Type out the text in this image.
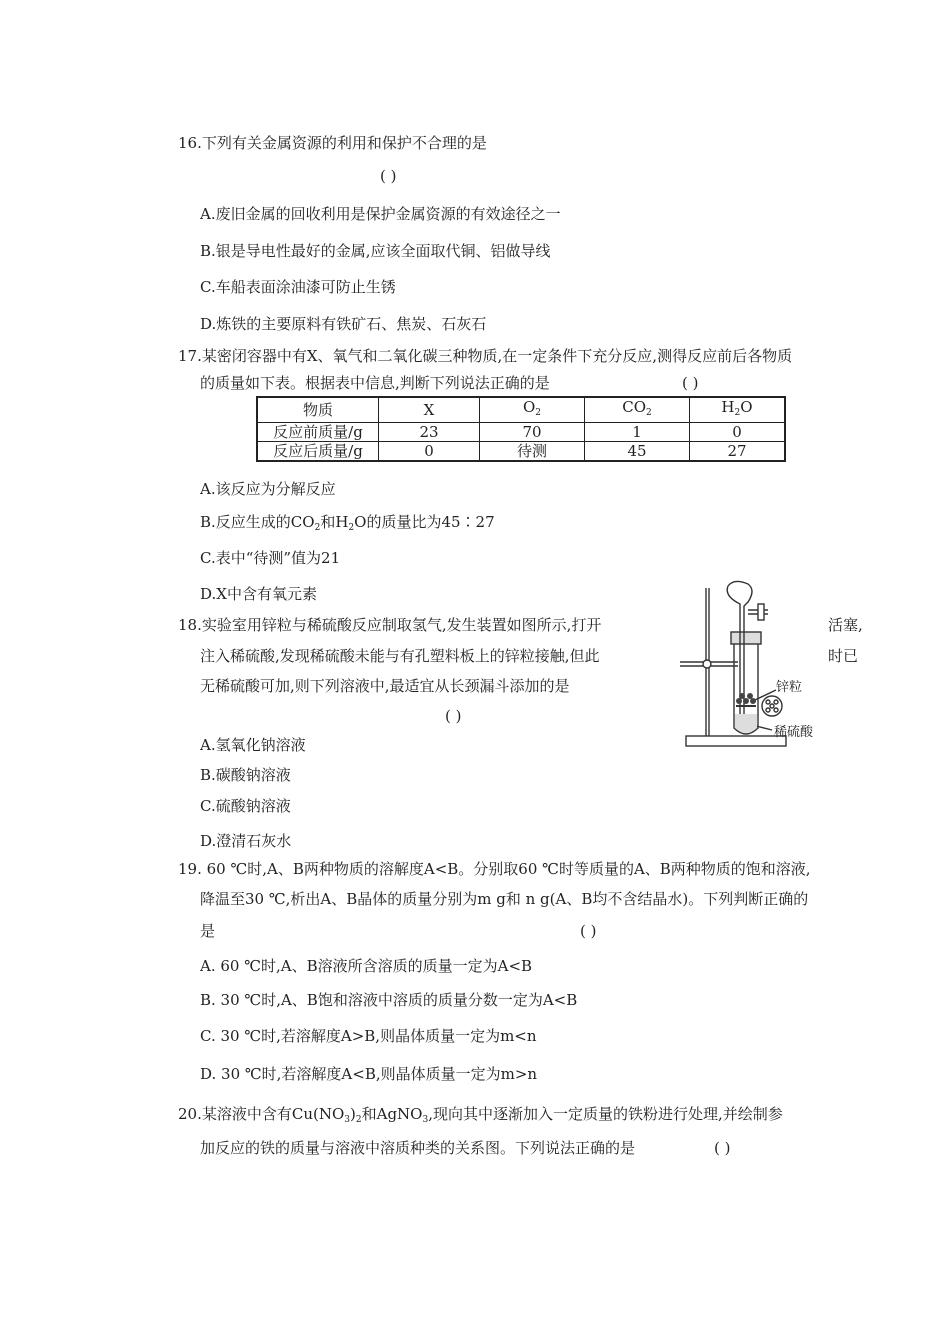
16.下列有关金属资源的利用和保护不合理的是
( )
A.废旧金属的回收利用是保护金属资源的有效途径之一
B.银是导电性最好的金属,应该全面取代铜、铝做导线
C.车船表面涂油漆可防止生锈
D.炼铁的主要原料有铁矿石、焦炭、石灰石
17.某密闭容器中有X、氧气和二氧化碳三种物质,在一定条件下充分反应,测得反应前后各物质
的质量如下表。根据表中信息,判断下列说法正确的是	( )
物质	X	$O_2$	$CO_2$	$H_2O$
反应前质量/g	23	70	1	0
反应后质量/g	0	待测	45	27
A.该反应为分解反应
B.反应生成的$CO_2$和$H_2O$的质量比为45∶27
C.表中“待测”值为21
D.X中含有氧元素
18.实验室用锌粒与稀硫酸反应制取氢气,发生装置如图所示,打开	活塞,
注入稀硫酸,发现稀硫酸未能与有孔塑料板上的锌粒接触,但此	时已
无稀硫酸可加,则下列溶液中,最适宜从长颈漏斗添加的是
( )
A.氢氧化钠溶液
B.碳酸钠溶液
C.硫酸钠溶液
D.澄清石灰水
锌粒
稀硫酸
19. 60 ℃时,A、B两种物质的溶解度A<B。分别取60 ℃时等质量的A、B两种物质的饱和溶液,
降温至30 ℃,析出A、B晶体的质量分别为m g和 n g(A、B均不含结晶水)。下列判断正确的
是	( )
A. 60 ℃时,A、B溶液所含溶质的质量一定为A<B
B. 30 ℃时,A、B饱和溶液中溶质的质量分数一定为A<B
C. 30 ℃时,若溶解度A>B,则晶体质量一定为m<n
D. 30 ℃时,若溶解度A<B,则晶体质量一定为m>n
20.某溶液中含有$Cu(NO_3)_2$和AgNO$_3$,现向其中逐渐加入一定质量的铁粉进行处理,并绘制参
加反应的铁的质量与溶液中溶质种类的关系图。下列说法正确的是	( )
